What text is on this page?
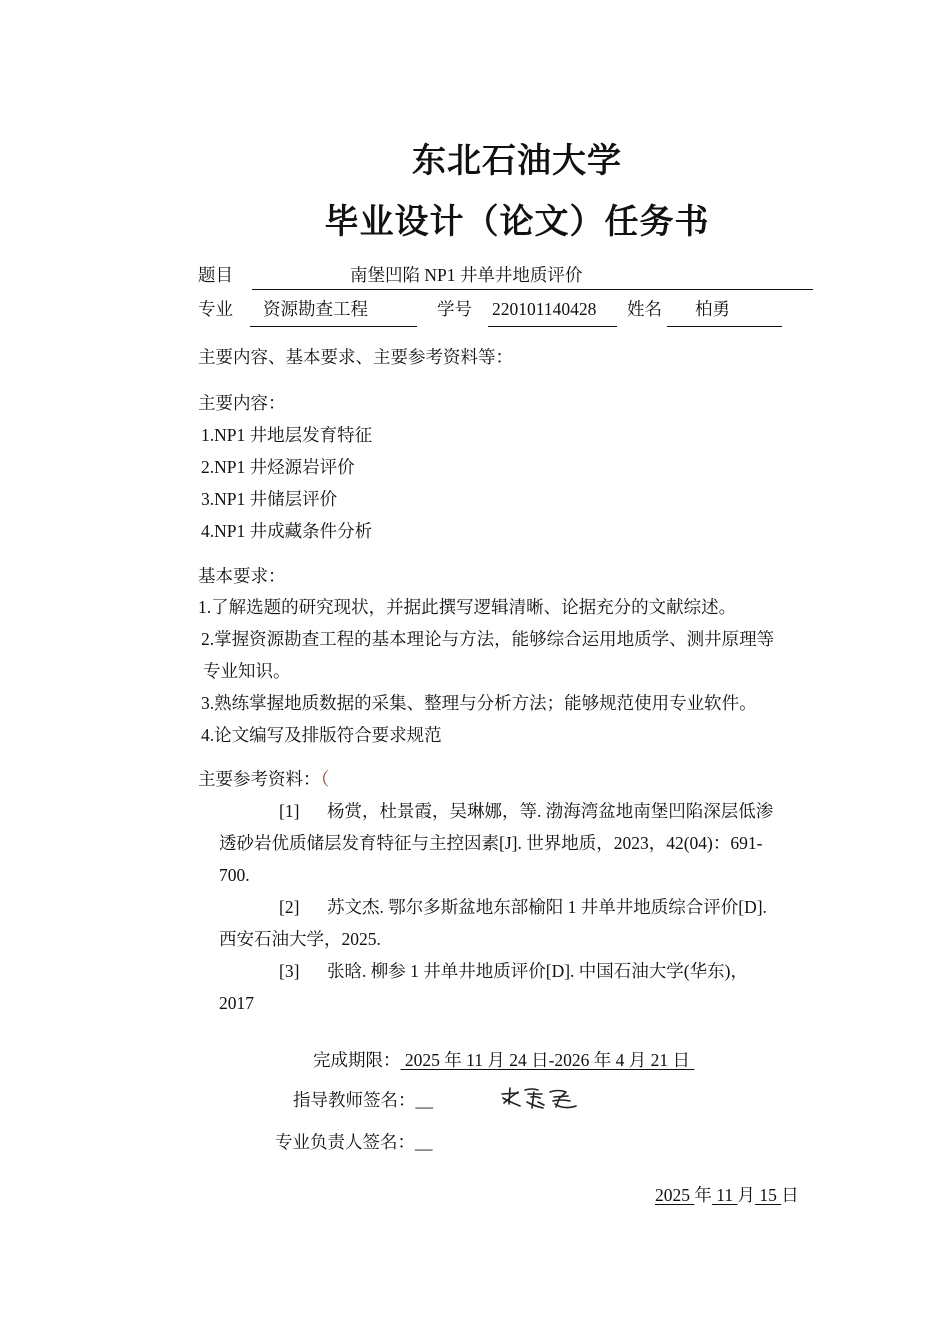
东北石油大学
毕业设计（论文）任务书
题目	南堡凹陷 NP1 井单井地质评价
专业 资源勘查工程	学号 220101140428 姓名 柏勇
主要内容、基本要求、主要参考资料等：
主要内容：
1.NP1 井地层发育特征
2.NP1 井烃源岩评价
3.NP1 井储层评价
4.NP1 井成藏条件分析
基本要求：
1.了解选题的研究现状，并据此撰写逻辑清晰、论据充分的文献综述。
2.掌握资源勘查工程的基本理论与方法，能够综合运用地质学、测井原理等
专业知识。
3.熟练掌握地质数据的采集、整理与分析方法；能够规范使用专业软件。
4.论文编写及排版符合要求规范
主要参考资料：（
[1] 杨赏，杜景霞，吴琳娜，等. 渤海湾盆地南堡凹陷深层低渗
透砂岩优质储层发育特征与主控因素[J]. 世界地质，2023，42(04)：691-
700.
[2] 苏文杰. 鄂尔多斯盆地东部榆阳 1 井单井地质综合评价[D].
西安石油大学，2025.
[3] 张晗. 柳参 1 井单井地质评价[D]. 中国石油大学(华东)，
2017
完成期限： 2025 年 11 月 24 日-2026 年 4 月 21 日
指导教师签名：__
专业负责人签名：__
2025 年 11 月 15 日
